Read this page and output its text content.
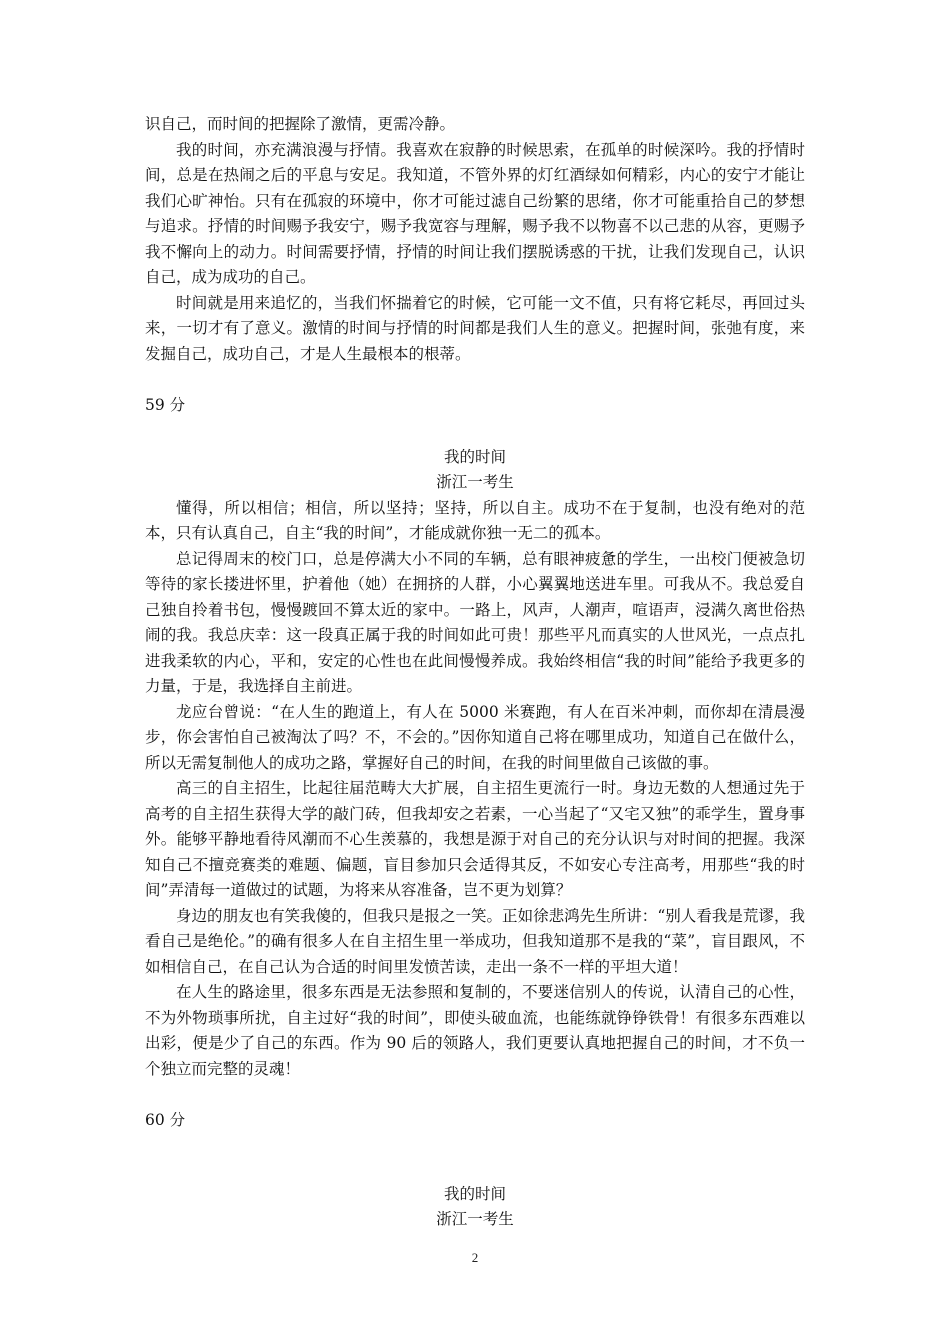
识自己，而时间的把握除了激情，更需冷静。

我的时间，亦充满浪漫与抒情。我喜欢在寂静的时候思索，在孤单的时候深吟。我的抒情时间，总是在热闹之后的平息与安足。我知道，不管外界的灯红酒绿如何精彩，内心的安宁才能让我们心旷神怡。只有在孤寂的环境中，你才可能过滤自己纷繁的思绪，你才可能重拾自己的梦想与追求。抒情的时间赐予我安宁，赐予我宽容与理解，赐予我不以物喜不以己悲的从容，更赐予我不懈向上的动力。时间需要抒情，抒情的时间让我们摆脱诱惑的干扰，让我们发现自己，认识自己，成为成功的自己。

时间就是用来追忆的，当我们怀揣着它的时候，它可能一文不值，只有将它耗尽，再回过头来，一切才有了意义。激情的时间与抒情的时间都是我们人生的意义。把握时间，张弛有度，来发掘自己，成功自己，才是人生最根本的根蒂。

59 分

我的时间

浙江一考生

懂得，所以相信；相信，所以坚持；坚持，所以自主。成功不在于复制，也没有绝对的范本，只有认真自己，自主“我的时间”，才能成就你独一无二的孤本。

总记得周末的校门口，总是停满大小不同的车辆，总有眼神疲惫的学生，一出校门便被急切等待的家长搂进怀里，护着他（她）在拥挤的人群，小心翼翼地送进车里。可我从不。我总爱自己独自拎着书包，慢慢踱回不算太近的家中。一路上，风声，人潮声，喧语声，浸满久离世俗热闹的我。我总庆幸：这一段真正属于我的时间如此可贵！那些平凡而真实的人世风光，一点点扎进我柔软的内心，平和，安定的心性也在此间慢慢养成。我始终相信“我的时间”能给予我更多的力量，于是，我选择自主前进。

龙应台曾说：“在人生的跑道上，有人在 5000 米赛跑，有人在百米冲刺，而你却在清晨漫步，你会害怕自己被淘汰了吗？不，不会的。”因你知道自己将在哪里成功，知道自己在做什么，所以无需复制他人的成功之路，掌握好自己的时间，在我的时间里做自己该做的事。

高三的自主招生，比起往届范畴大大扩展，自主招生更流行一时。身边无数的人想通过先于高考的自主招生获得大学的敲门砖，但我却安之若素，一心当起了“又宅又独”的乖学生，置身事外。能够平静地看待风潮而不心生羡慕的，我想是源于对自己的充分认识与对时间的把握。我深知自己不擅竞赛类的难题、偏题，盲目参加只会适得其反，不如安心专注高考，用那些“我的时间”弄清每一道做过的试题，为将来从容准备，岂不更为划算？

身边的朋友也有笑我傻的，但我只是报之一笑。正如徐悲鸿先生所讲：“别人看我是荒谬，我看自己是绝伦。”的确有很多人在自主招生里一举成功，但我知道那不是我的“菜”，盲目跟风，不如相信自己，在自己认为合适的时间里发愤苦读，走出一条不一样的平坦大道！

在人生的路途里，很多东西是无法参照和复制的，不要迷信别人的传说，认清自己的心性，不为外物琐事所扰，自主过好“我的时间”，即使头破血流，也能练就铮铮铁骨！有很多东西难以出彩，便是少了自己的东西。作为 90 后的领路人，我们更要认真地把握自己的时间，才不负一个独立而完整的灵魂！

60 分

我的时间

浙江一考生

2
